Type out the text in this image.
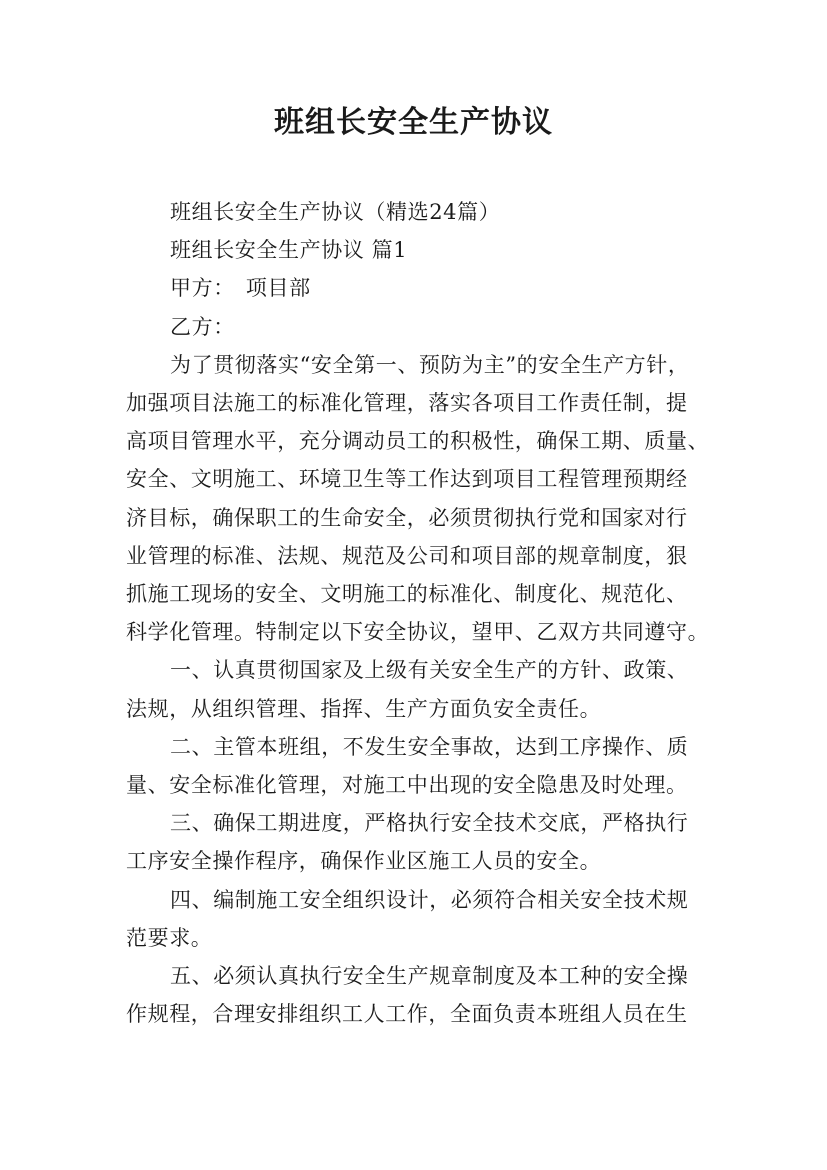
班组长安全生产协议

班组长安全生产协议（精选24篇）

班组长安全生产协议 篇1

甲方：　项目部

乙方：

为了贯彻落实“安全第一、预防为主”的安全生产方针，

加强项目法施工的标准化管理，落实各项目工作责任制，提

高项目管理水平，充分调动员工的积极性，确保工期、质量、

安全、文明施工、环境卫生等工作达到项目工程管理预期经

济目标，确保职工的生命安全，必须贯彻执行党和国家对行

业管理的标准、法规、规范及公司和项目部的规章制度，狠

抓施工现场的安全、文明施工的标准化、制度化、规范化、

科学化管理。特制定以下安全协议，望甲、乙双方共同遵守。

一、认真贯彻国家及上级有关安全生产的方针、政策、

法规，从组织管理、指挥、生产方面负安全责任。

二、主管本班组，不发生安全事故，达到工序操作、质

量、安全标准化管理，对施工中出现的安全隐患及时处理。

三、确保工期进度，严格执行安全技术交底，严格执行

工序安全操作程序，确保作业区施工人员的安全。

四、编制施工安全组织设计，必须符合相关安全技术规

范要求。

五、必须认真执行安全生产规章制度及本工种的安全操

作规程，合理安排组织工人工作，全面负责本班组人员在生
